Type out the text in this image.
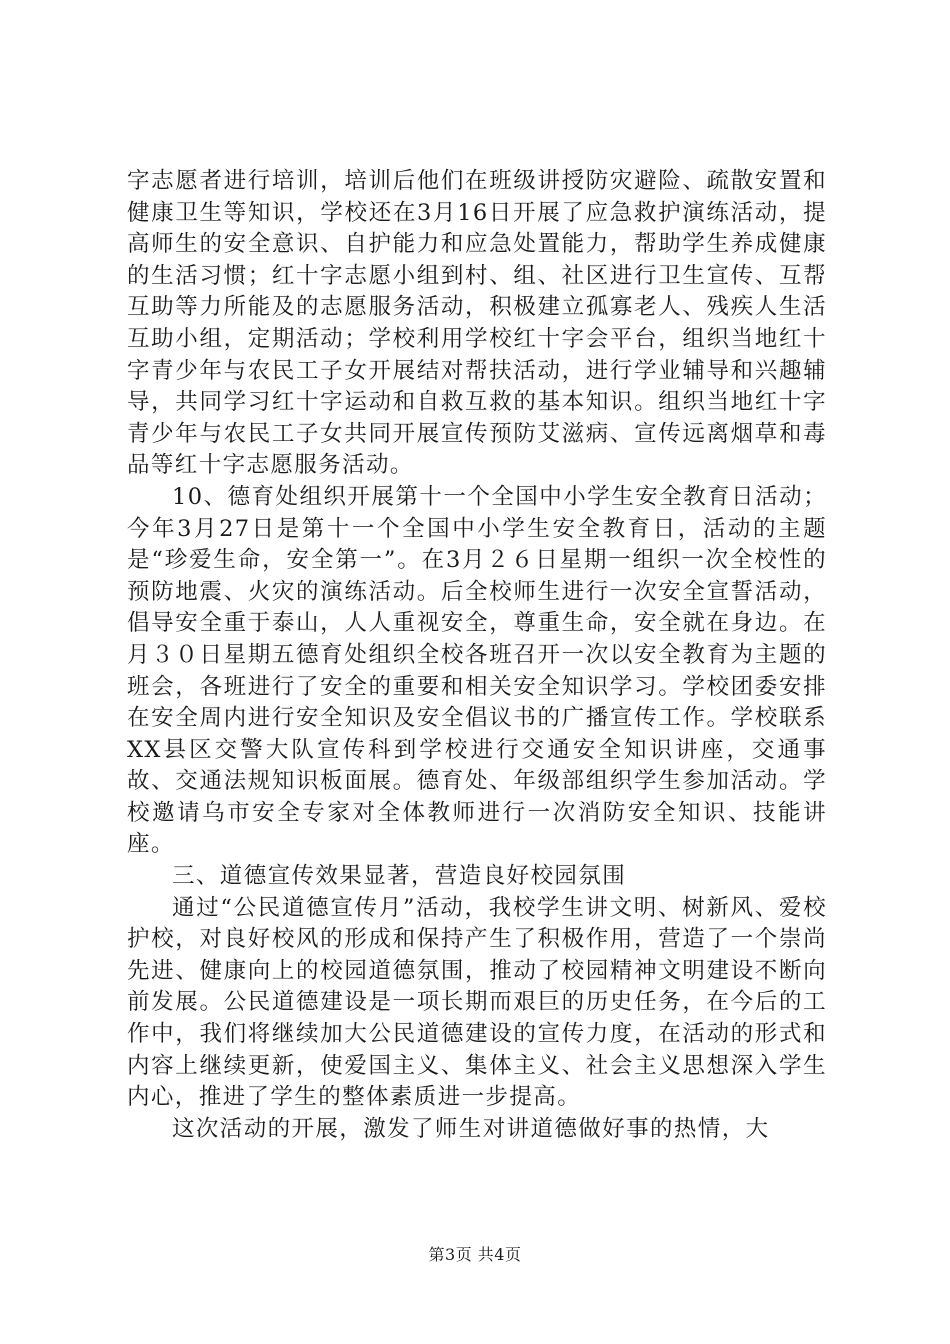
字志愿者进行培训，培训后他们在班级讲授防灾避险、疏散安置和健康卫生等知识，学校还在3月16日开展了应急救护演练活动，提高师生的安全意识、自护能力和应急处置能力，帮助学生养成健康的生活习惯；红十字志愿小组到村、组、社区进行卫生宣传、互帮互助等力所能及的志愿服务活动，积极建立孤寡老人、残疾人生活互助小组，定期活动；学校利用学校红十字会平台，组织当地红十字青少年与农民工子女开展结对帮扶活动，进行学业辅导和兴趣辅导，共同学习红十字运动和自救互救的基本知识。组织当地红十字青少年与农民工子女共同开展宣传预防艾滋病、宣传远离烟草和毒品等红十字志愿服务活动。

10、德育处组织开展第十一个全国中小学生安全教育日活动；今年3月27日是第十一个全国中小学生安全教育日，活动的主题是“珍爱生命，安全第一”。在3月２６日星期一组织一次全校性的预防地震、火灾的演练活动。后全校师生进行一次安全宣誓活动，倡导安全重于泰山，人人重视安全，尊重生命，安全就在身边。在月３０日星期五德育处组织全校各班召开一次以安全教育为主题的班会，各班进行了安全的重要和相关安全知识学习。学校团委安排在安全周内进行安全知识及安全倡议书的广播宣传工作。学校联系XX县区交警大队宣传科到学校进行交通安全知识讲座，交通事故、交通法规知识板面展。德育处、年级部组织学生参加活动。学校邀请乌市安全专家对全体教师进行一次消防安全知识、技能讲座。

三、道德宣传效果显著，营造良好校园氛围

通过“公民道德宣传月”活动，我校学生讲文明、树新风、爱校护校，对良好校风的形成和保持产生了积极作用，营造了一个崇尚先进、健康向上的校园道德氛围，推动了校园精神文明建设不断向前发展。公民道德建设是一项长期而艰巨的历史任务，在今后的工作中，我们将继续加大公民道德建设的宣传力度，在活动的形式和内容上继续更新，使爱国主义、集体主义、社会主义思想深入学生内心，推进了学生的整体素质进一步提高。

这次活动的开展，激发了师生对讲道德做好事的热情，大

第3页 共4页
